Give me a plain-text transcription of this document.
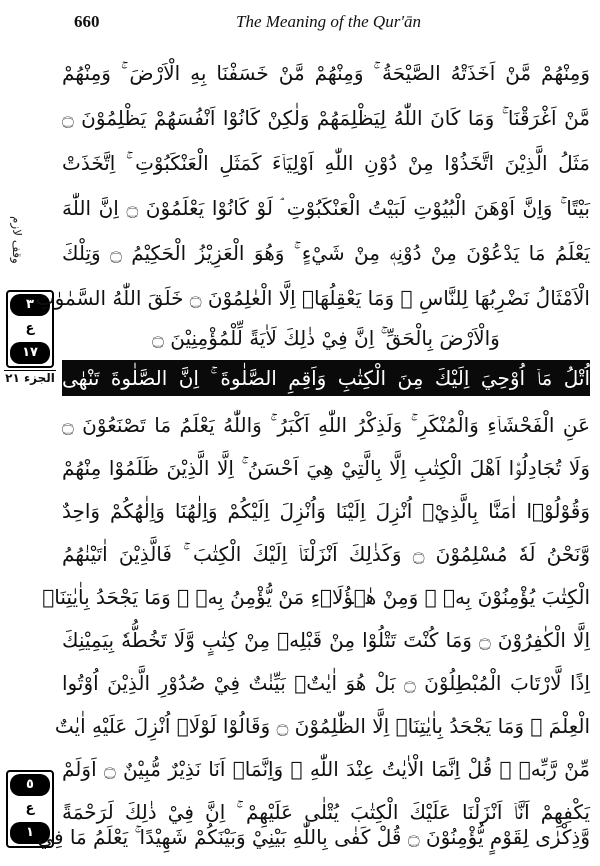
660	The Meaning of the Qur'ān
وقف لازم
٣
ع
١٧
الجزء ٢١
٥
ع
١
وَمِنْهُمْ مَّنْ اَخَذَتْهُ الصَّيْحَةُ ۚ وَمِنْهُمْ مَّنْ خَسَفْنَا بِهِ الْاَرْضَ ۚ وَمِنْهُمْ
مَّنْ اَغْرَقْنَا ۚ وَمَا كَانَ اللّٰهُ لِيَظْلِمَهُمْ وَلٰكِنْ كَانُوْا اَنْفُسَهُمْ يَظْلِمُوْنَ ۝
مَثَلُ الَّذِيْنَ اتَّخَذُوْا مِنْ دُوْنِ اللّٰهِ اَوْلِيَاۤءَ كَمَثَلِ الْعَنْكَبُوْتِ ۚ اِتَّخَذَتْ
بَيْتًا ۚ وَاِنَّ اَوْهَنَ الْبُيُوْتِ لَبَيْتُ الْعَنْكَبُوْتِ ۘ لَوْ كَانُوْا يَعْلَمُوْنَ ۝ اِنَّ اللّٰهَ
يَعْلَمُ مَا يَدْعُوْنَ مِنْ دُوْنِهٖ مِنْ شَيْءٍ ۚ وَهُوَ الْعَزِيْزُ الْحَكِيْمُ ۝ وَتِلْكَ
الْاَمْثَالُ نَضْرِبُهَا لِلنَّاسِ ۚ وَمَا يَعْقِلُهَاۤ اِلَّا الْعٰلِمُوْنَ ۝ خَلَقَ اللّٰهُ السَّمٰوٰتِ
وَالْاَرْضَ بِالْحَقِّ ۚ اِنَّ فِيْ ذٰلِكَ لَاٰيَةً لِّلْمُؤْمِنِيْنَ ۝
اُتْلُ مَاۤ اُوْحِيَ اِلَيْكَ مِنَ الْكِتٰبِ وَاَقِمِ الصَّلٰوةَ ۚ اِنَّ الصَّلٰوةَ تَنْهٰى
عَنِ الْفَحْشَاۤءِ وَالْمُنْكَرِ ۚ وَلَذِكْرُ اللّٰهِ اَكْبَرُ ۚ وَاللّٰهُ يَعْلَمُ مَا تَصْنَعُوْنَ ۝
وَلَا تُجَادِلُوْۤا اَهْلَ الْكِتٰبِ اِلَّا بِالَّتِيْ هِيَ اَحْسَنُ ۚ اِلَّا الَّذِيْنَ ظَلَمُوْا مِنْهُمْ
وَقُوْلُوْۤا اٰمَنَّا بِالَّذِيْۤ اُنْزِلَ اِلَيْنَا وَاُنْزِلَ اِلَيْكُمْ وَاِلٰهُنَا وَاِلٰهُكُمْ وَاحِدٌ
وَّنَحْنُ لَهٗ مُسْلِمُوْنَ ۝ وَكَذٰلِكَ اَنْزَلْنَاۤ اِلَيْكَ الْكِتٰبَ ۚ فَالَّذِيْنَ اٰتَيْنٰهُمُ
الْكِتٰبَ يُؤْمِنُوْنَ بِهٖ ۚ وَمِنْ هٰۤؤُلَاۤءِ مَنْ يُّؤْمِنُ بِهٖ ۚ وَمَا يَجْحَدُ بِاٰيٰتِنَاۤ
اِلَّا الْكٰفِرُوْنَ ۝ وَمَا كُنْتَ تَتْلُوْا مِنْ قَبْلِهٖ مِنْ كِتٰبٍ وَّلَا تَخُطُّهٗ بِيَمِيْنِكَ
اِذًا لَّارْتَابَ الْمُبْطِلُوْنَ ۝ بَلْ هُوَ اٰيٰتٌۢ بَيِّنٰتٌ فِيْ صُدُوْرِ الَّذِيْنَ اُوْتُوا
الْعِلْمَ ۚ وَمَا يَجْحَدُ بِاٰيٰتِنَاۤ اِلَّا الظّٰلِمُوْنَ ۝ وَقَالُوْا لَوْلَاۤ اُنْزِلَ عَلَيْهِ اٰيٰتٌ
مِّنْ رَّبِّهٖ ۚ قُلْ اِنَّمَا الْاٰيٰتُ عِنْدَ اللّٰهِ ۚ وَاِنَّمَاۤ اَنَا نَذِيْرٌ مُّبِيْنٌ ۝ اَوَلَمْ
يَكْفِهِمْ اَنَّاۤ اَنْزَلْنَا عَلَيْكَ الْكِتٰبَ يُتْلٰى عَلَيْهِمْ ۚ اِنَّ فِيْ ذٰلِكَ لَرَحْمَةً
وَّذِكْرٰى لِقَوْمٍ يُّؤْمِنُوْنَ ۝ قُلْ كَفٰى بِاللّٰهِ بَيْنِيْ وَبَيْنَكُمْ شَهِيْدًا ۚ يَعْلَمُ مَا فِي
